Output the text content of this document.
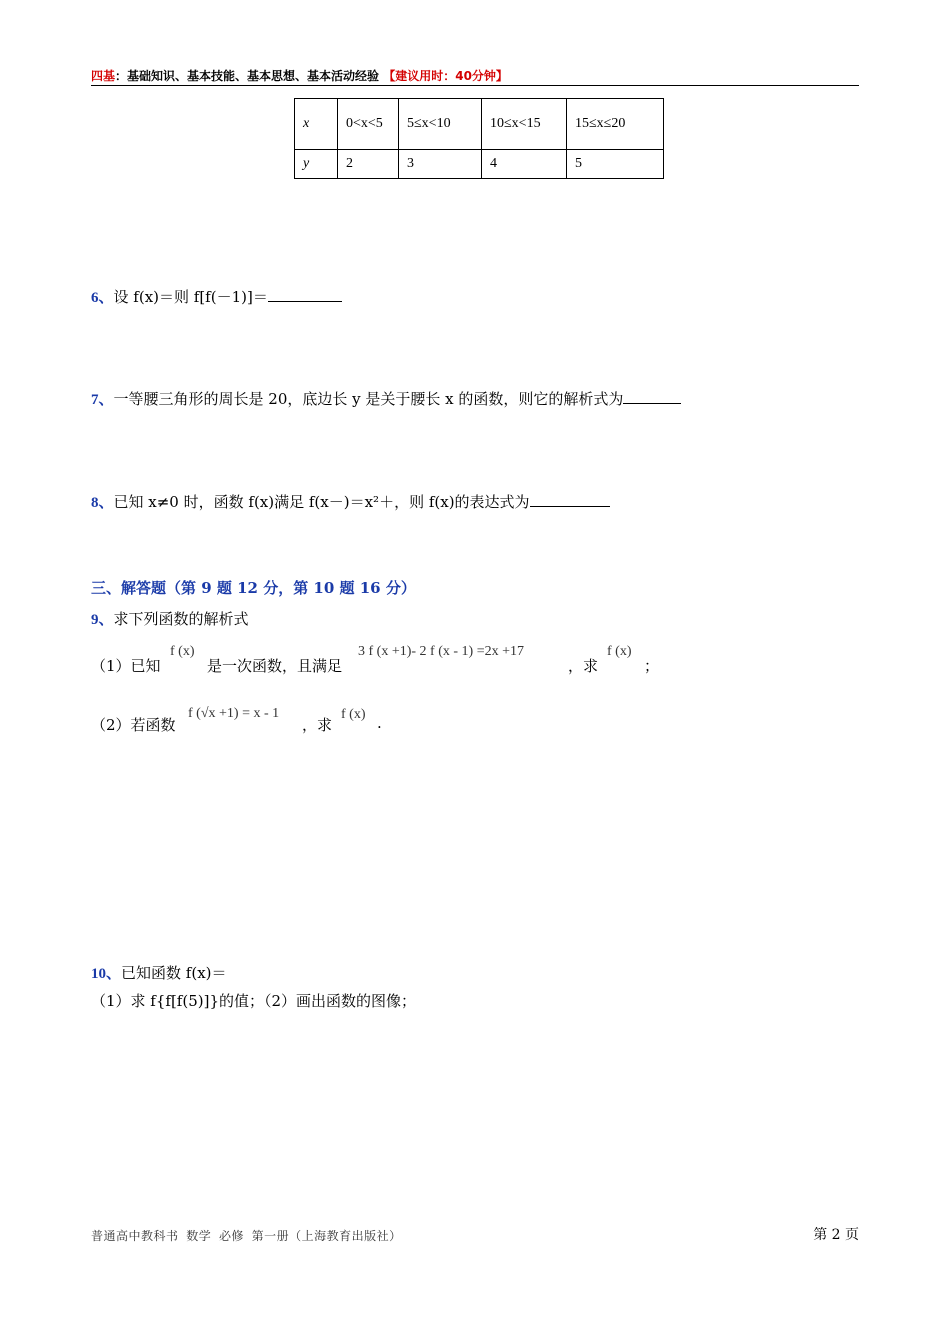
四基：基础知识、基本技能、基本思想、基本活动经验 【建议用时：40分钟】
x	0<x<5	5≤x<10	10≤x<15	15≤x≤20
y	2	3	4	5
6、设 f(x)＝则 f[f(－1)]＝
7、一等腰三角形的周长是 20，底边长 y 是关于腰长 x 的函数，则它的解析式为
8、已知 x≠0 时，函数 f(x)满足 f(x－)＝x²＋，则 f(x)的表达式为
三、解答题（第 9 题 12 分，第 10 题 16 分）
9、求下列函数的解析式
（1）已知
f (x)
是一次函数，且满足
3 f (x +1)- 2 f (x - 1) =2x +17
，求
f (x)
；
（2）若函数
f (√x +1) = x - 1
，求
f (x) .
10、已知函数 f(x)＝
（1）求 f{f[f(5)]}的值；（2）画出函数的图像；
普通高中教科书 数学 必修 第一册（上海教育出版社）	第 2 页
